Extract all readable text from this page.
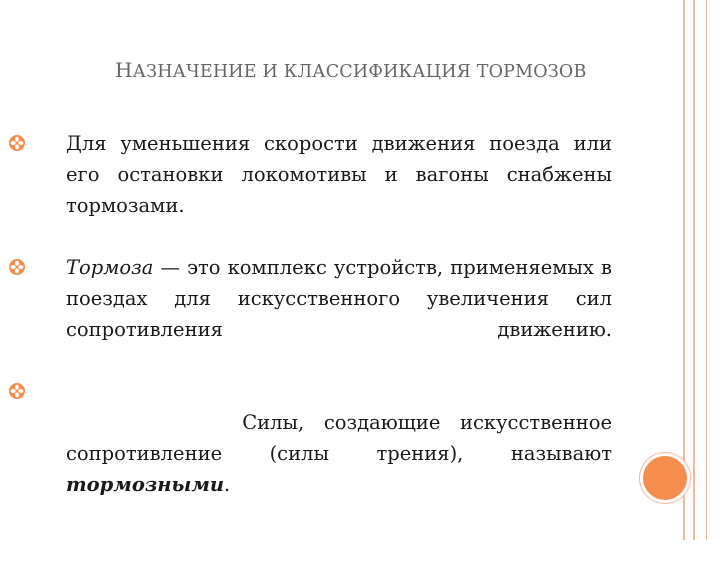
НАЗНАЧЕНИЕ И КЛАССИФИКАЦИЯ ТОРМОЗОВ

Для уменьшения скорости движения поезда или его остановки локомотивы и вагоны снабжены тормозами.

Тормоза — это комплекс устройств, применяемых в поездах для искусственного увеличения сил сопротивления движению.

Силы, создающие искусственное сопротивление (силы трения), называют тормозными.
